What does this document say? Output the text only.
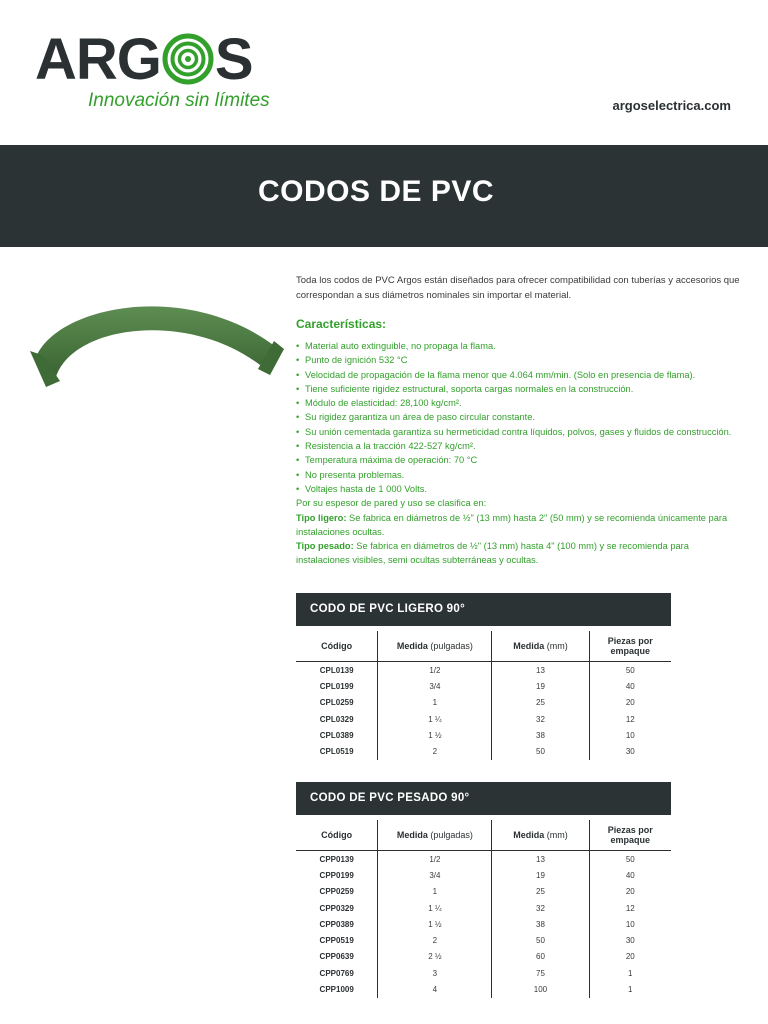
ARG S
Innovación sin límites	argoselectrica.com
CODOS DE PVC

Toda los codos de PVC Argos están diseñados para ofrecer compatibilidad con tuberías y accesorios que correspondan a sus diámetros nominales sin importar el material.

Características:
• Material auto extinguible, no propaga la flama.
• Punto de ignición 532 °C
• Velocidad de propagación de la flama menor que 4.064 mm/min. (Solo en presencia de flama).
• Tiene suficiente rigidez estructural, soporta cargas normales en la construcción.
• Módulo de elasticidad: 28,100 kg/cm².
• Su rigidez garantiza un área de paso circular constante.
• Su unión cementada garantiza su hermeticidad contra líquidos, polvos, gases y fluidos de construcción.
• Resistencia a la tracción 422-527 kg/cm².
• Temperatura máxima de operación: 70 °C
• No presenta problemas.
• Voltajes hasta de 1 000 Volts.

Por su espesor de pared y uso se clasifica en:

Tipo ligero: Se fabrica en diámetros de ½" (13 mm) hasta 2" (50 mm) y se recomienda únicamente para instalaciones ocultas.

Tipo pesado: Se fabrica en diámetros de ½" (13 mm) hasta 4" (100 mm) y se recomienda para instalaciones visibles, semi ocultas subterráneas y ocultas.

CODO DE PVC LIGERO 90°
Código	Medida (pulgadas)	Medida (mm)	Piezas por empaque
CPL0139	1/2	13	50
CPL0199	3/4	19	40
CPL0259	1	25	20
CPL0329	1 ¼	32	12
CPL0389	1 ½	38	10
CPL0519	2	50	30
CODO DE PVC PESADO 90°
Código	Medida (pulgadas)	Medida (mm)	Piezas por empaque
CPP0139	1/2	13	50
CPP0199	3/4	19	40
CPP0259	1	25	20
CPP0329	1 ¼	32	12
CPP0389	1 ½	38	10
CPP0519	2	50	30
CPP0639	2 ½	60	20
CPP0769	3	75	1
CPP1009	4	100	1
